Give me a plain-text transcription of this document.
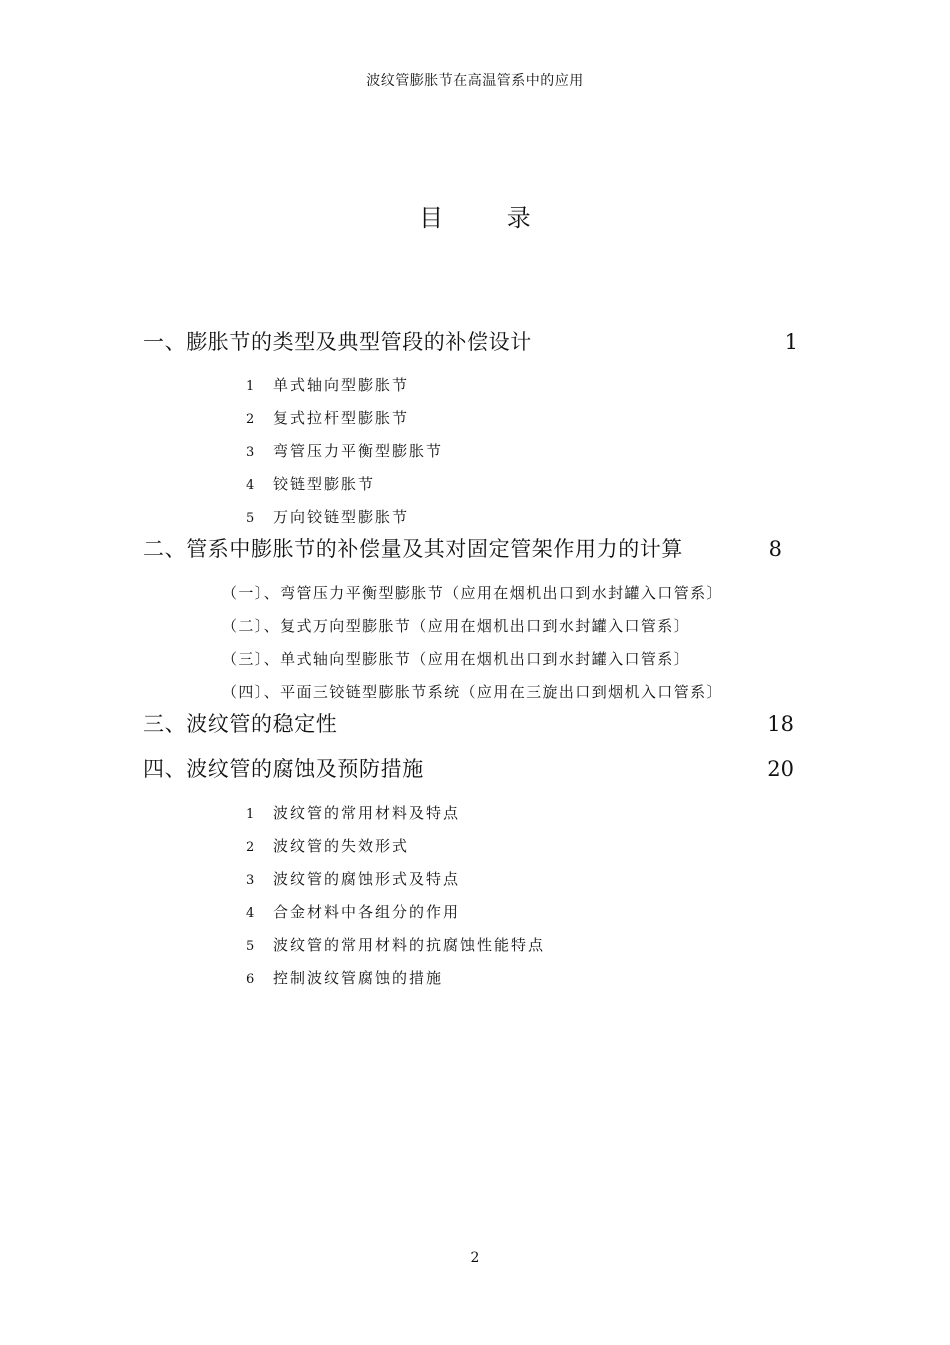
波纹管膨胀节在高温管系中的应用
目 录
一、膨胀节的类型及典型管段的补偿设计	1
1 单式轴向型膨胀节
2 复式拉杆型膨胀节
3 弯管压力平衡型膨胀节
4 铰链型膨胀节
5 万向铰链型膨胀节
二、管系中膨胀节的补偿量及其对固定管架作用力的计算	8
（一〕、弯管压力平衡型膨胀节（应用在烟机出口到水封罐入口管系〕
（二〕、复式万向型膨胀节（应用在烟机出口到水封罐入口管系〕
（三〕、单式轴向型膨胀节（应用在烟机出口到水封罐入口管系〕
（四〕、平面三铰链型膨胀节系统（应用在三旋出口到烟机入口管系〕
三、波纹管的稳定性	18
四、波纹管的腐蚀及预防措施	20
1 波纹管的常用材料及特点
2 波纹管的失效形式
3 波纹管的腐蚀形式及特点
4 合金材料中各组分的作用
5 波纹管的常用材料的抗腐蚀性能特点
6 控制波纹管腐蚀的措施
2
